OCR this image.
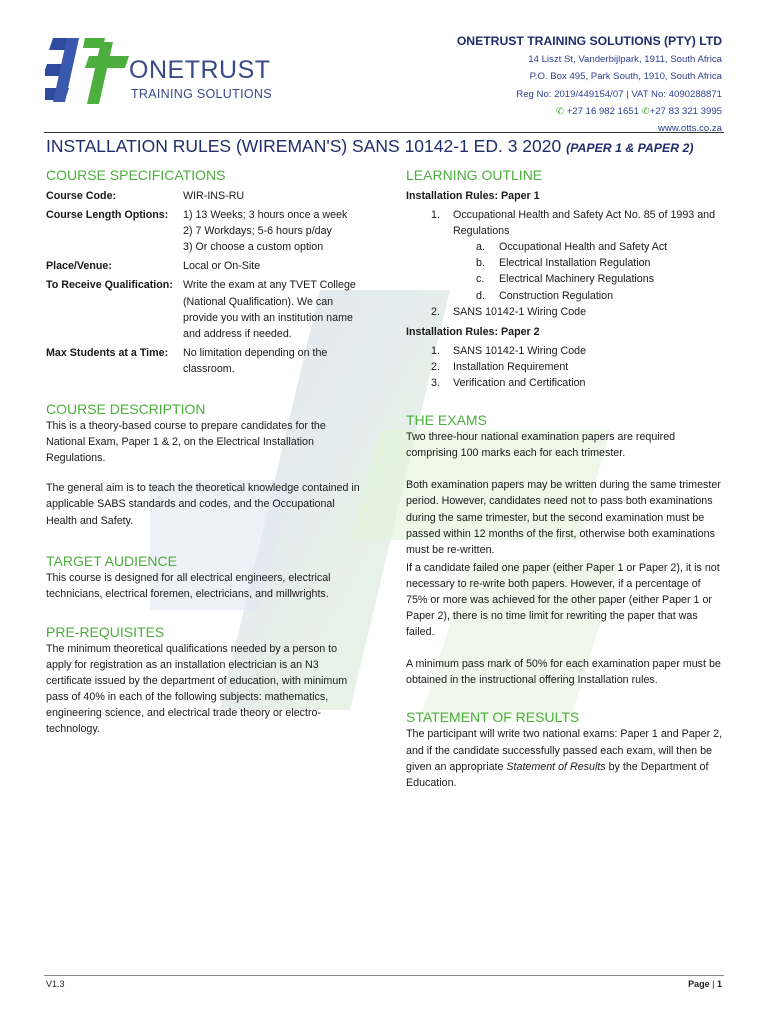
ONETRUST
TRAINING SOLUTIONS
ONETRUST TRAINING SOLUTIONS (PTY) LTD
14 Liszt St, Vanderbijlpark, 1911, South Africa
P.O. Box 495, Park South, 1910, South Africa
Reg No: 2019/449154/07 | VAT No: 4090288871
✆ +27 16 982 1651 ✆+27 83 321 3995
www.otts.co.za
INSTALLATION RULES (WIREMAN'S) SANS 10142-1 ED. 3 2020 (PAPER 1 & PAPER 2)
COURSE SPECIFICATIONS
Course Code:	WIR-INS-RU
Course Length Options:	1) 13 Weeks; 3 hours once a week
2) 7 Workdays; 5-6 hours p/day
3) Or choose a custom option

Place/Venue:	Local or On-Site
To Receive Qualification:	Write the exam at any TVET College (National Qualification). We can provide you with an institution name and address if needed.
Max Students at a Time:	No limitation depending on the classroom.
COURSE DESCRIPTION

This is a theory-based course to prepare candidates for the National Exam, Paper 1 & 2, on the Electrical Installation Regulations.

The general aim is to teach the theoretical knowledge contained in applicable SABS standards and codes, and the Occupational Health and Safety.

TARGET AUDIENCE

This course is designed for all electrical engineers, electrical technicians, electrical foremen, electricians, and millwrights.

PRE-REQUISITES

The minimum theoretical qualifications needed by a person to apply for registration as an installation electrician is an N3 certificate issued by the department of education, with minimum pass of 40% in each of the following subjects: mathematics, engineering science, and electrical trade theory or electro-technology.

LEARNING OUTLINE
Installation Rules: Paper 1
1. Occupational Health and Safety Act No. 85 of 1993 and Regulations
a. Occupational Health and Safety Act
b. Electrical Installation Regulation
c. Electrical Machinery Regulations
d. Construction Regulation
2. SANS 10142-1 Wiring Code
Installation Rules: Paper 2
1. SANS 10142-1 Wiring Code
2. Installation Requirement
3. Verification and Certification
THE EXAMS

Two three-hour national examination papers are required comprising 100 marks each for each trimester.

Both examination papers may be written during the same trimester period. However, candidates need not to pass both examinations during the same trimester, but the second examination must be passed within 12 months of the first, otherwise both examinations must be re-written.

If a candidate failed one paper (either Paper 1 or Paper 2), it is not necessary to re-write both papers. However, if a percentage of 75% or more was achieved for the other paper (either Paper 1 or Paper 2), there is no time limit for rewriting the paper that was failed.

A minimum pass mark of 50% for each examination paper must be obtained in the instructional offering Installation rules.

STATEMENT OF RESULTS

The participant will write two national exams: Paper 1 and Paper 2, and if the candidate successfully passed each exam, will then be given an appropriate Statement of Results by the Department of Education.

V1.3	Page | 1
